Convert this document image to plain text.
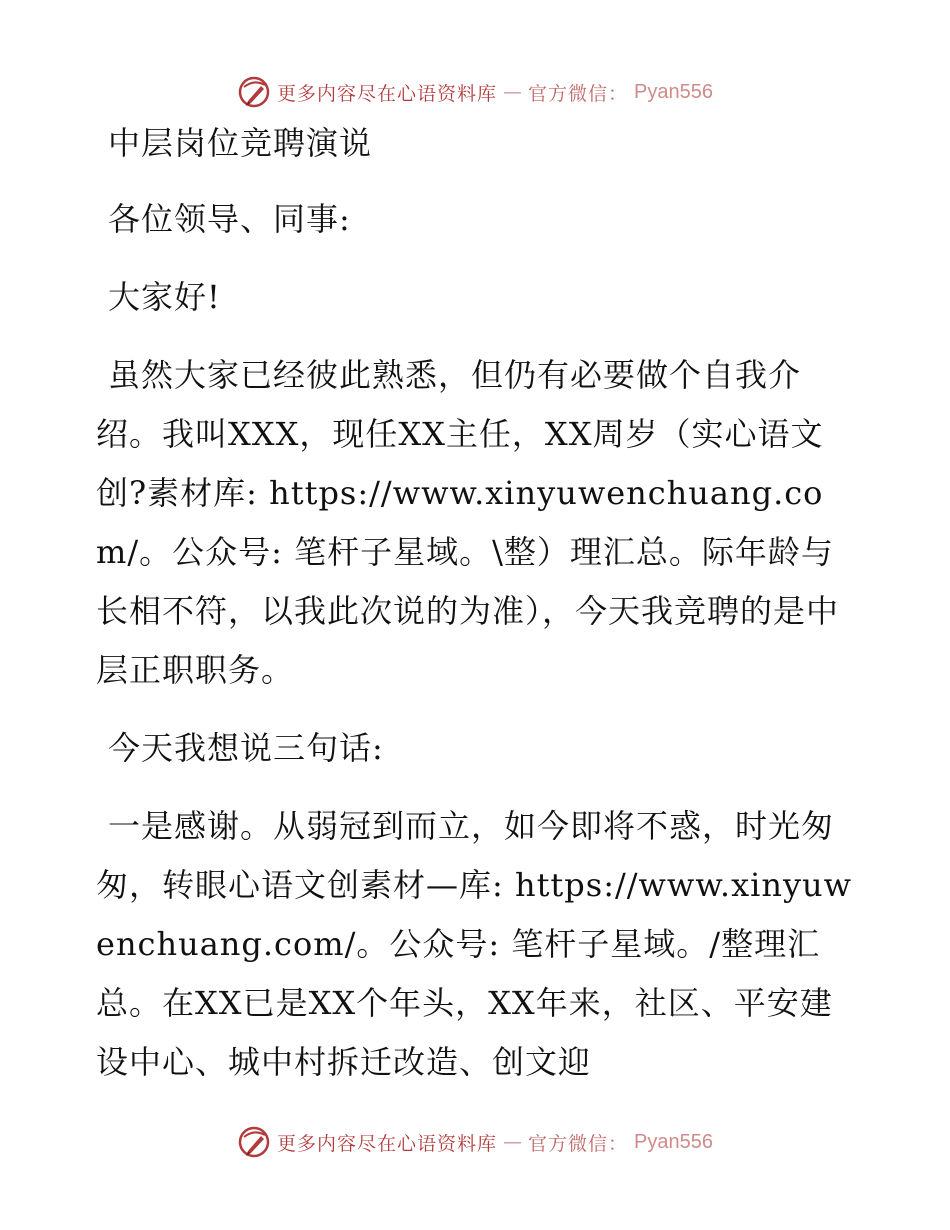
更多内容尽在心语资料库 — 官方微信： Pyan556

中层岗位竞聘演说

各位领导、同事:

大家好!

虽然大家已经彼此熟悉，但仍有必要做个自我介绍。我叫XXX，现任XX主任，XX周岁（实心语文创?素材库: https://www.xinyuwenchuang.com/。公众号: 笔杆子星域。\整）理汇总。际年龄与长相不符，以我此次说的为准），今天我竞聘的是中层正职职务。

今天我想说三句话:

一是感谢。从弱冠到而立，如今即将不惑，时光匆匆，转眼心语文创素材—库: https://www.xinyuwenchuang.com/。公众号: 笔杆子星域。/整理汇总。在XX已是XX个年头，XX年来，社区、平安建设中心、城中村拆迁改造、创文迎

更多内容尽在心语资料库 — 官方微信： Pyan556
